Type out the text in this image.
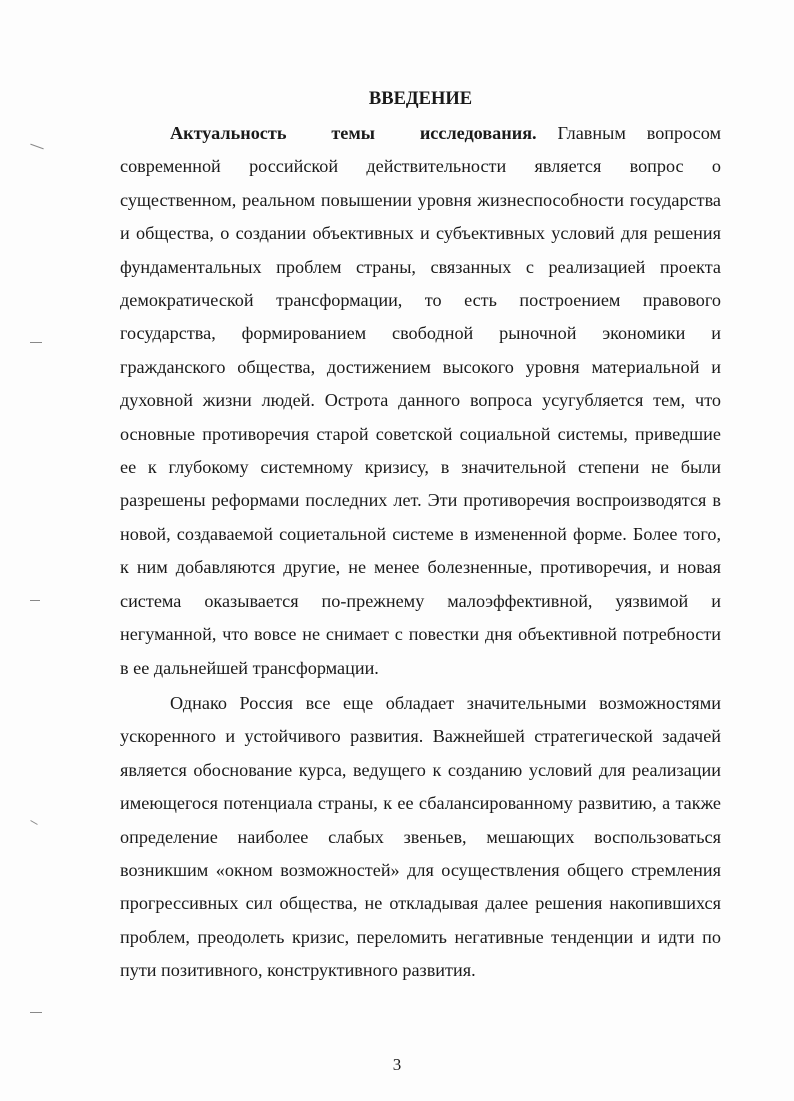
ВВЕДЕНИЕ

Актуальность темы исследования. Главным вопросом современной российской действительности является вопрос о существенном, реальном повышении уровня жизнеспособности государства и общества, о создании объективных и субъективных условий для решения фундаментальных проблем страны, связанных с реализацией проекта демократической трансформации, то есть построением правового государства, формированием свободной рыночной экономики и гражданского общества, достижением высокого уровня материальной и духовной жизни людей. Острота данного вопроса усугубляется тем, что основные противоречия старой советской социальной системы, приведшие ее к глубокому системному кризису, в значительной степени не были разрешены реформами последних лет. Эти противоречия воспроизводятся в новой, создаваемой социетальной системе в измененной форме. Более того, к ним добавляются другие, не менее болезненные, противоречия, и новая система оказывается по-прежнему малоэффективной, уязвимой и негуманной, что вовсе не снимает с повестки дня объективной потребности в ее дальнейшей трансформации.

Однако Россия все еще обладает значительными возможностями ускоренного и устойчивого развития. Важнейшей стратегической задачей является обоснование курса, ведущего к созданию условий для реализации имеющегося потенциала страны, к ее сбалансированному развитию, а также определение наиболее слабых звеньев, мешающих воспользоваться возникшим «окном возможностей» для осуществления общего стремления прогрессивных сил общества, не откладывая далее решения накопившихся проблем, преодолеть кризис, переломить негативные тенденции и идти по пути позитивного, конструктивного развития.

3
